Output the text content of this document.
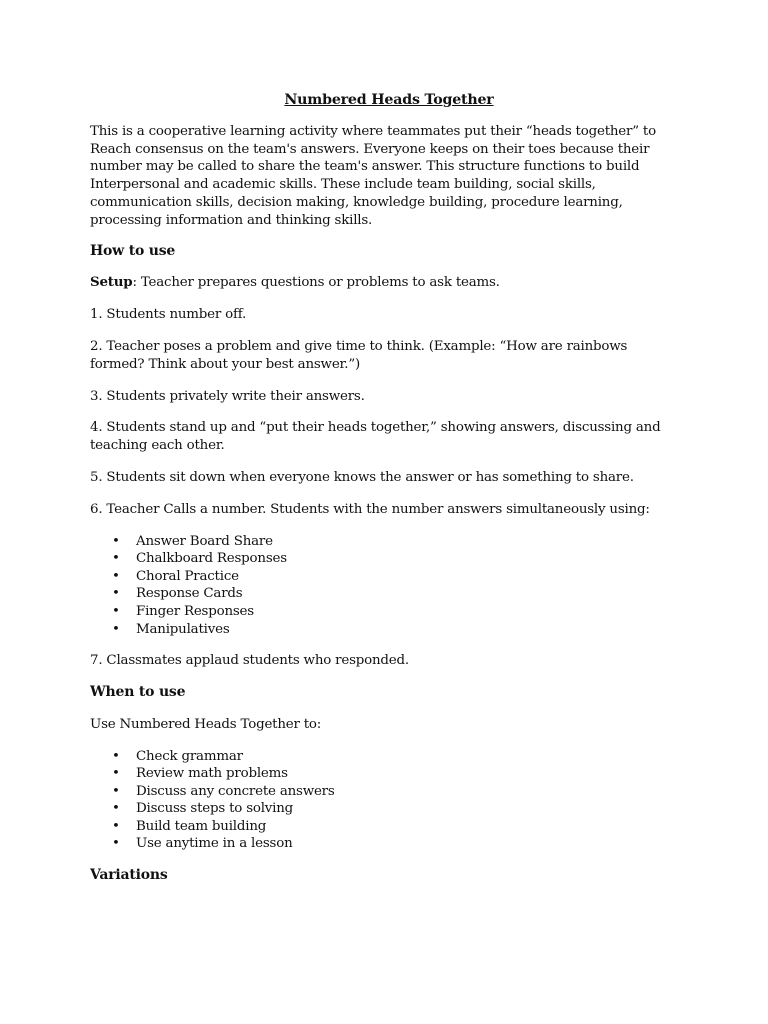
Numbered Heads Together
This is a cooperative learning activity where teammates put their “heads together” to Reach consensus on the team's answers. Everyone keeps on their toes because their number may be called to share the team's answer. This structure functions to build Interpersonal and academic skills. These include team building, social skills, communication skills, decision making, knowledge building, procedure learning, processing information and thinking skills.
How to use
Setup: Teacher prepares questions or problems to ask teams.
1. Students number off.
2. Teacher poses a problem and give time to think. (Example: “How are rainbows formed? Think about your best answer.”)
3. Students privately write their answers.
4. Students stand up and “put their heads together,” showing answers, discussing and teaching each other.
5. Students sit down when everyone knows the answer or has something to share.
6. Teacher Calls a number. Students with the number answers simultaneously using:
• Answer Board Share
• Chalkboard Responses
• Choral Practice
• Response Cards
• Finger Responses
• Manipulatives
7. Classmates applaud students who responded.
When to use
Use Numbered Heads Together to:
• Check grammar
• Review math problems
• Discuss any concrete answers
• Discuss steps to solving
• Build team building
• Use anytime in a lesson
Variations
